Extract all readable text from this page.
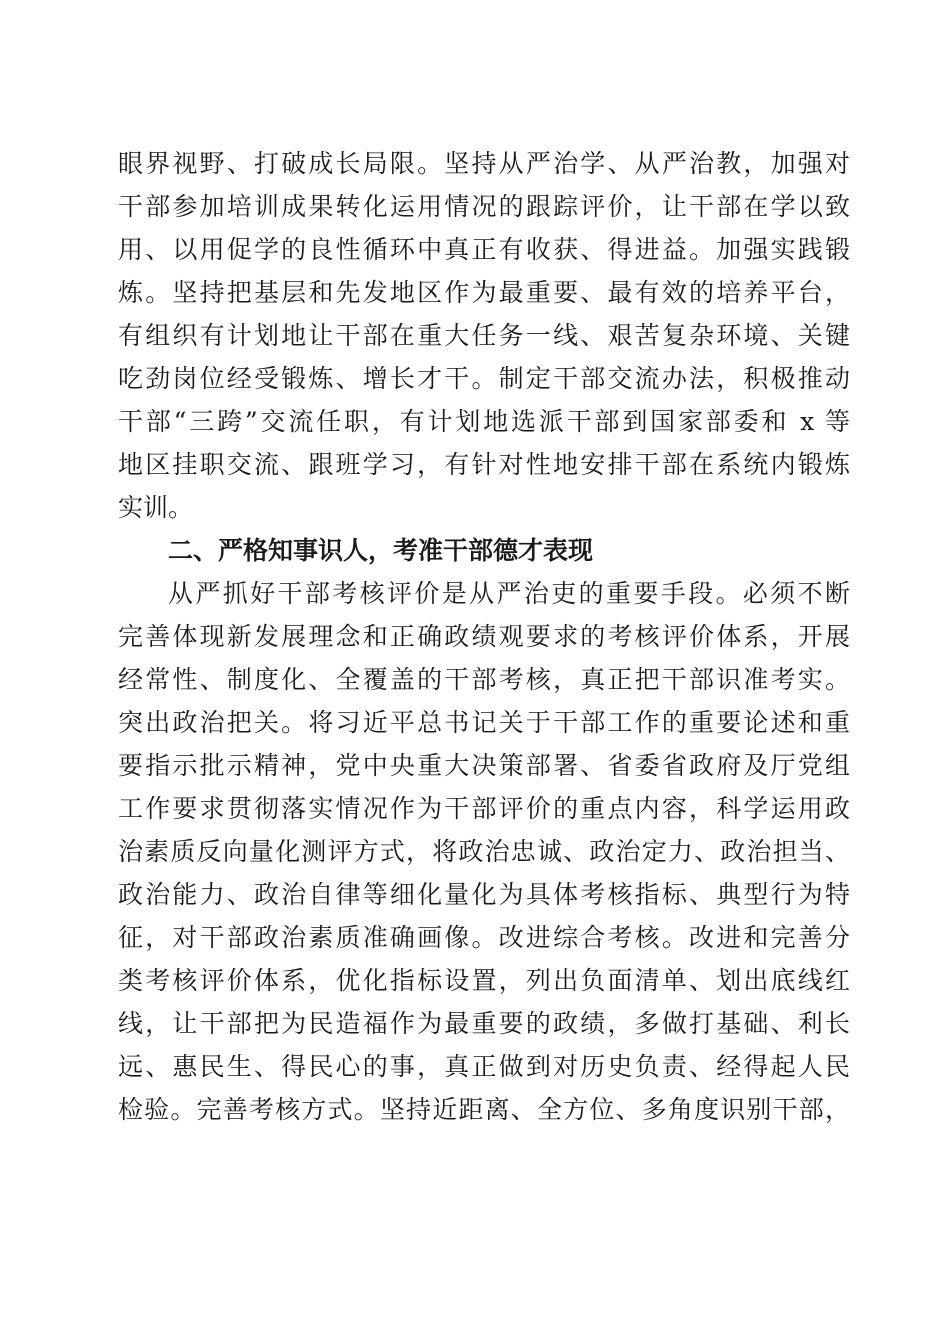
眼界视野、打破成长局限。坚持从严治学、从严治教，加强对
干部参加培训成果转化运用情况的跟踪评价，让干部在学以致
用、以用促学的良性循环中真正有收获、得进益。加强实践锻
炼。坚持把基层和先发地区作为最重要、最有效的培养平台，
有组织有计划地让干部在重大任务一线、艰苦复杂环境、关键
吃劲岗位经受锻炼、增长才干。制定干部交流办法，积极推动
干部“三跨”交流任职，有计划地选派干部到国家部委和 x 等
地区挂职交流、跟班学习，有针对性地安排干部在系统内锻炼
实训。
二、严格知事识人，考准干部德才表现
从严抓好干部考核评价是从严治吏的重要手段。必须不断
完善体现新发展理念和正确政绩观要求的考核评价体系，开展
经常性、制度化、全覆盖的干部考核，真正把干部识准考实。
突出政治把关。将习近平总书记关于干部工作的重要论述和重
要指示批示精神，党中央重大决策部署、省委省政府及厅党组
工作要求贯彻落实情况作为干部评价的重点内容，科学运用政
治素质反向量化测评方式，将政治忠诚、政治定力、政治担当、
政治能力、政治自律等细化量化为具体考核指标、典型行为特
征，对干部政治素质准确画像。改进综合考核。改进和完善分
类考核评价体系，优化指标设置，列出负面清单、划出底线红
线，让干部把为民造福作为最重要的政绩，多做打基础、利长
远、惠民生、得民心的事，真正做到对历史负责、经得起人民
检验。完善考核方式。坚持近距离、全方位、多角度识别干部，
